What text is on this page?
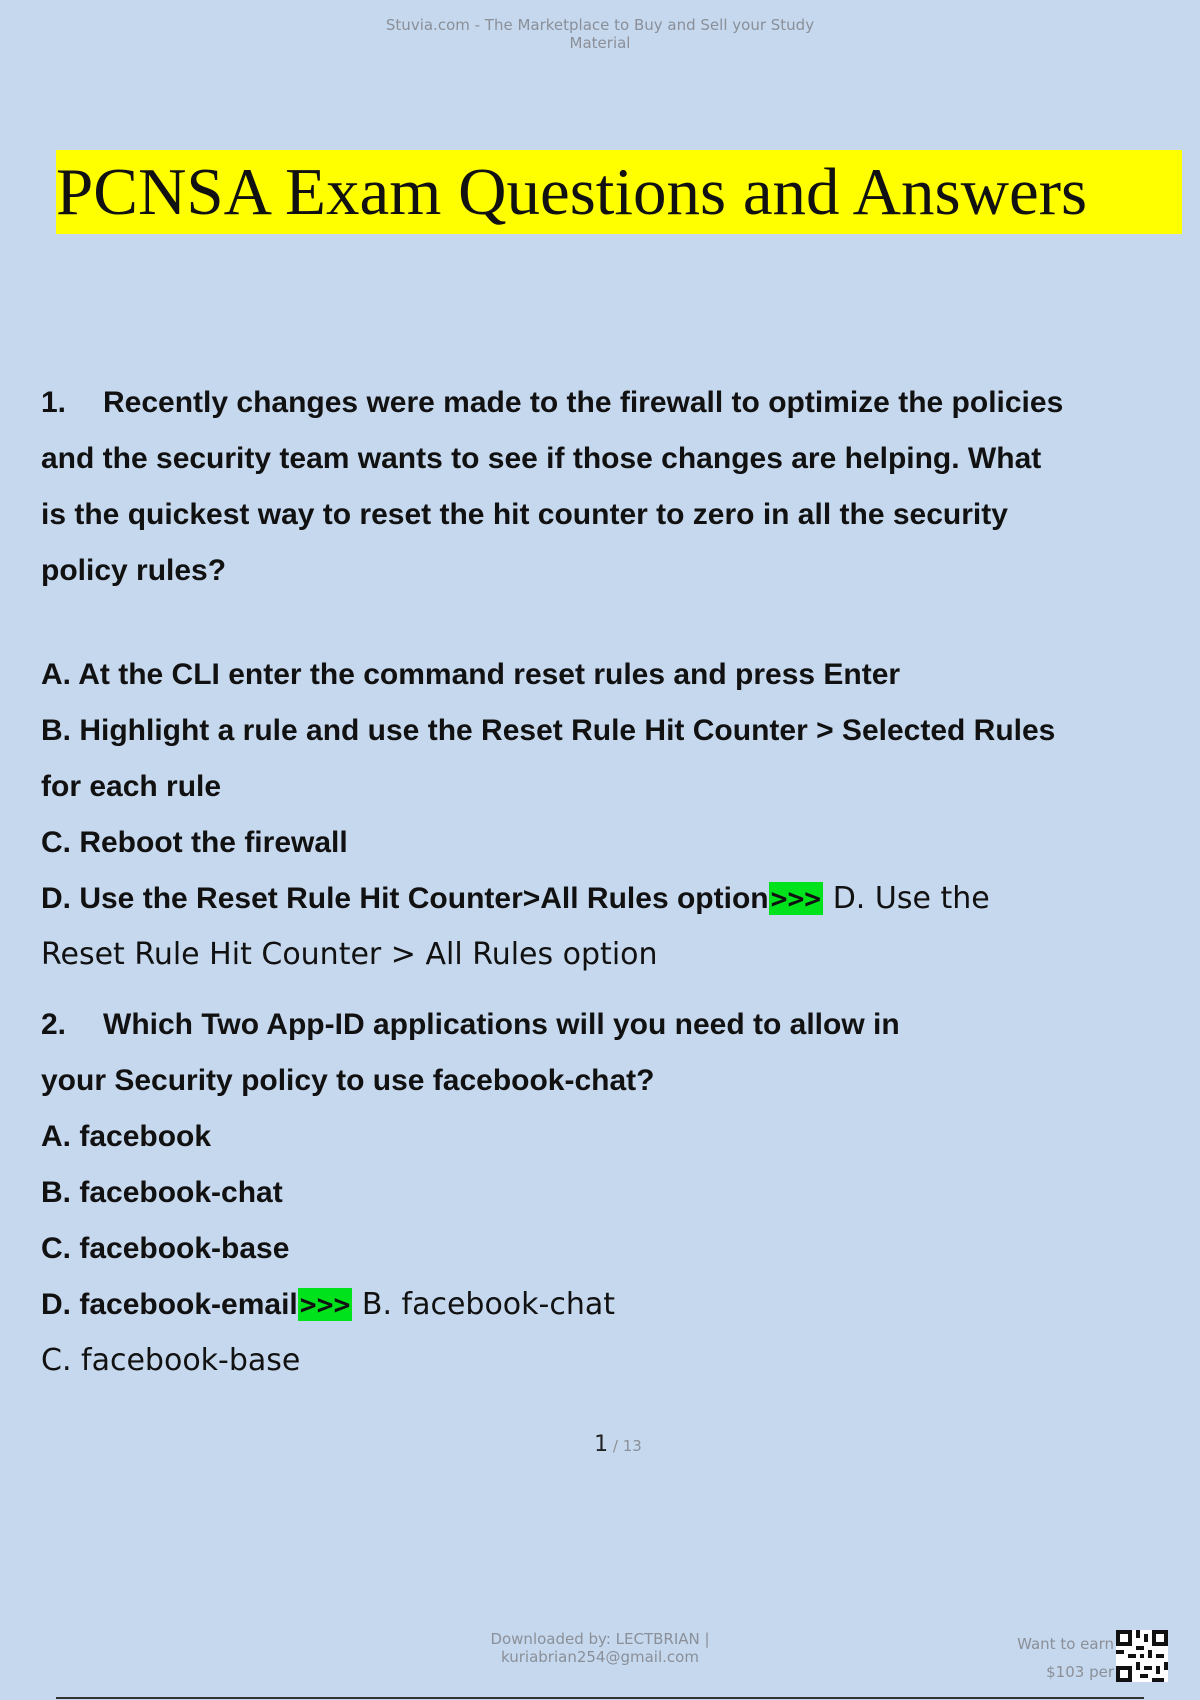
Stuvia.com - The Marketplace to Buy and Sell your Study
Material
PCNSA Exam Questions and Answers

1. Recently changes were made to the firewall to optimize the policies

and the security team wants to see if those changes are helping. What

is the quickest way to reset the hit counter to zero in all the security

policy rules?

A. At the CLI enter the command reset rules and press Enter

B. Highlight a rule and use the Reset Rule Hit Counter > Selected Rules

for each rule

C. Reboot the firewall

D. Use the Reset Rule Hit Counter>All Rules option>>> D. Use the

Reset Rule Hit Counter > All Rules option

2. Which Two App-ID applications will you need to allow in

your Security policy to use facebook-chat?

A. facebook

B. facebook-chat

C. facebook-base

D. facebook-email>>> B. facebook-chat

C. facebook-base

1 / 13
Downloaded by: LECTBRIAN |
kuriabrian254@gmail.com
Want to earn
$103 per
